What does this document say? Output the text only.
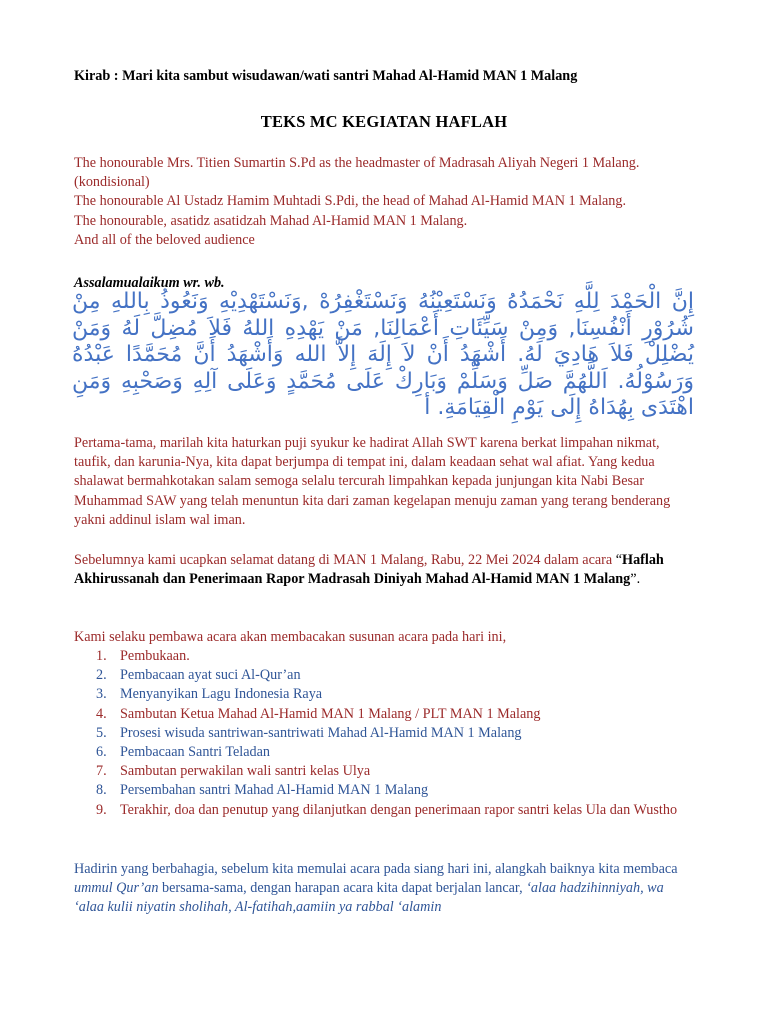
Kirab : Mari kita sambut wisudawan/wati santri Mahad Al-Hamid MAN 1 Malang
TEKS MC KEGIATAN HAFLAH
The honourable Mrs. Titien Sumartin S.Pd as the headmaster of Madrasah Aliyah Negeri 1 Malang. (kondisional)
The honourable Al Ustadz Hamim Muhtadi S.Pdi, the head of Mahad Al-Hamid MAN 1 Malang.
The honourable, asatidz asatidzah Mahad Al-Hamid MAN 1 Malang.
And all of the beloved audience
Assalamualaikum wr. wb.
إِنَّ الْحَمْدَ لِلَّهِ نَحْمَدُهُ وَنَسْتَعِيْنُهُ وَنَسْتَغْفِرُهْ ,وَنَسْتَهْدِيْهِ وَنَعُوذُ بِاللهِ مِنْ شُرُوْرِ أَنْفُسِنَا, وَمِنْ سَيِّئَاتِ أَعْمَالِنَا, مَنْ يَهْدِهِ اللهُ فَلاَ مُضِلَّ لَهُ وَمَنْ يُضْلِلْ فَلاَ هَادِيَ لَهُ. أَشْهَدُ أَنْ لاَ إِلَهَ إِلاَّ الله وَأَشْهَدُ أَنَّ مُحَمَّدًا عَبْدُهُ وَرَسُوْلُهُ. اَللَّهُمَّ صَلِّ وَسَلِّمْ وَبَارِكْ عَلَى مُحَمَّدٍ وَعَلَى آلِهِ وَصَحْبِهِ وَمَنِ اهْتَدَى بِهُدَاهُ إِلَى يَوْمِ الْقِيَامَةِ. أ
Pertama-tama, marilah kita haturkan puji syukur ke hadirat Allah SWT karena berkat limpahan nikmat, taufik, dan karunia-Nya, kita dapat berjumpa di tempat ini, dalam keadaan sehat wal afiat. Yang kedua shalawat bermahkotakan salam semoga selalu tercurah limpahkan kepada junjungan kita Nabi Besar Muhammad SAW yang telah menuntun kita dari zaman kegelapan menuju zaman yang terang benderang yakni addinul islam wal iman.
Sebelumnya kami ucapkan selamat datang di MAN 1 Malang, Rabu, 22 Mei 2024 dalam acara “Haflah Akhirussanah dan Penerimaan Rapor Madrasah Diniyah Mahad Al-Hamid MAN 1 Malang”.
Kami selaku pembawa acara akan membacakan susunan acara pada hari ini,
1. Pembukaan.
2. Pembacaan ayat suci Al-Qur’an
3. Menyanyikan Lagu Indonesia Raya
4. Sambutan Ketua Mahad Al-Hamid MAN 1 Malang / PLT MAN 1 Malang
5. Prosesi wisuda santriwan-santriwati Mahad Al-Hamid MAN 1 Malang
6. Pembacaan Santri Teladan
7. Sambutan perwakilan wali santri kelas Ulya
8. Persembahan santri Mahad Al-Hamid MAN 1 Malang
9. Terakhir, doa dan penutup yang dilanjutkan dengan penerimaan rapor santri kelas Ula dan Wustho
Hadirin yang berbahagia, sebelum kita memulai acara pada siang hari ini, alangkah baiknya kita membaca ummul Qur’an bersama-sama, dengan harapan acara kita dapat berjalan lancar, ‘alaa hadzihinniyah, wa ‘alaa kulii niyatin sholihah, Al-fatihah,aamiin ya rabbal ‘alamin
